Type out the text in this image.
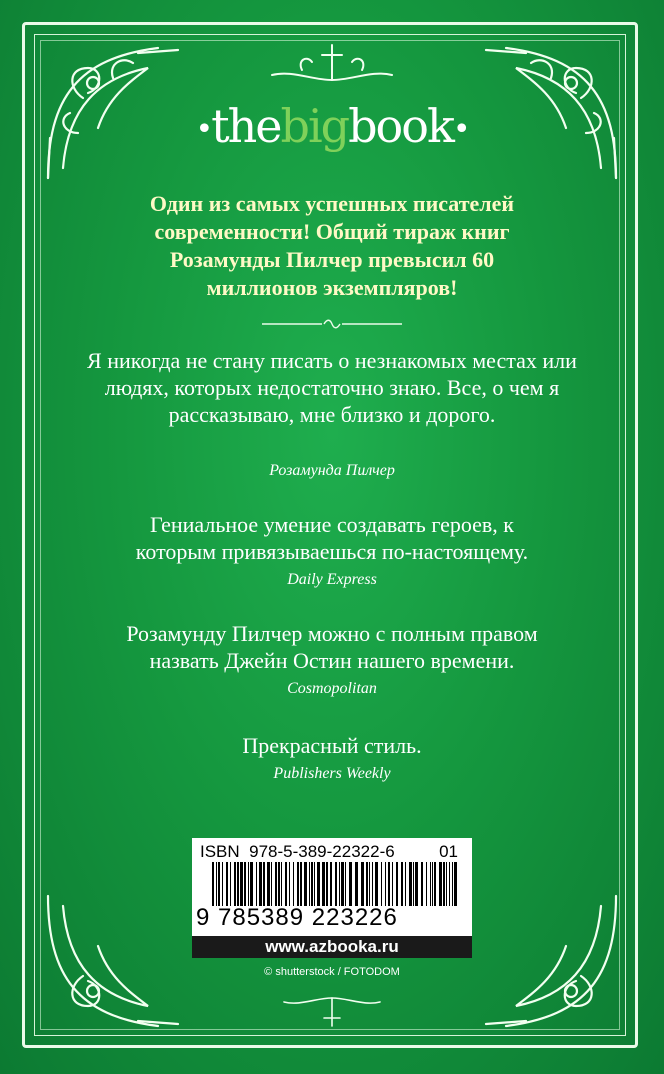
•thebigbook•
Один из самых успешных писателей современности! Общий тираж книг Розамунды Пилчер превысил 60 миллионов экземпляров!
Я никогда не стану писать о незнакомых местах или людях, которых недостаточно знаю. Все, о чем я рассказываю, мне близко и дорого.
Розамунда Пилчер
Гениальное умение создавать героев, к которым привязываешься по-настоящему.
Daily Express
Розамунду Пилчер можно с полным правом назвать Джейн Остин нашего времени.
Cosmopolitan
Прекрасный стиль.
Publishers Weekly
ISBN  978-5-389-22322-6	01
9 785389 223226
www.azbooka.ru
© shutterstock / FOTODOM
